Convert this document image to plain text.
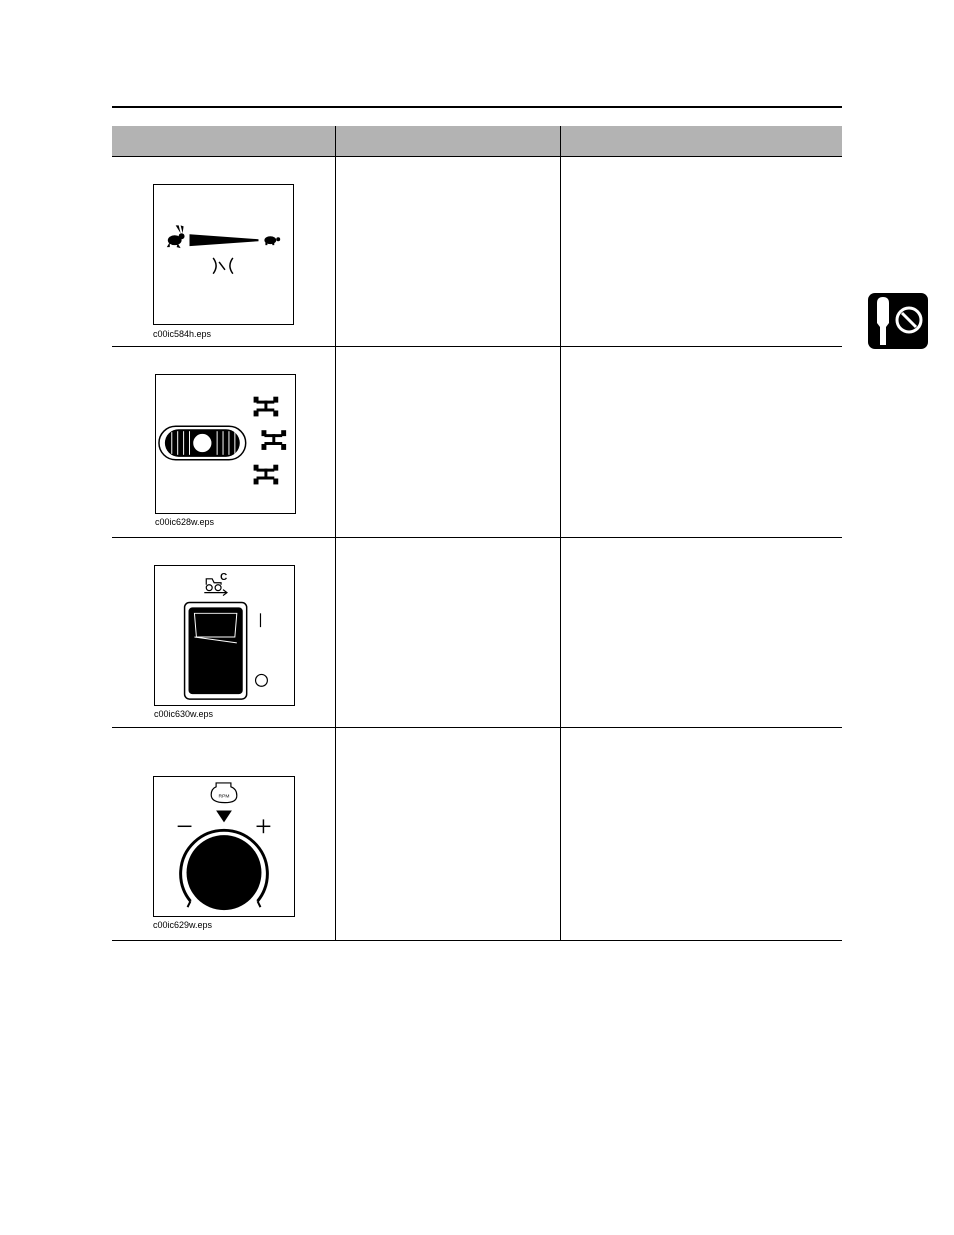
c00ic584h.eps
c00ic628w.eps
C
c00ic630w.eps
RPM
c00ic629w.eps
